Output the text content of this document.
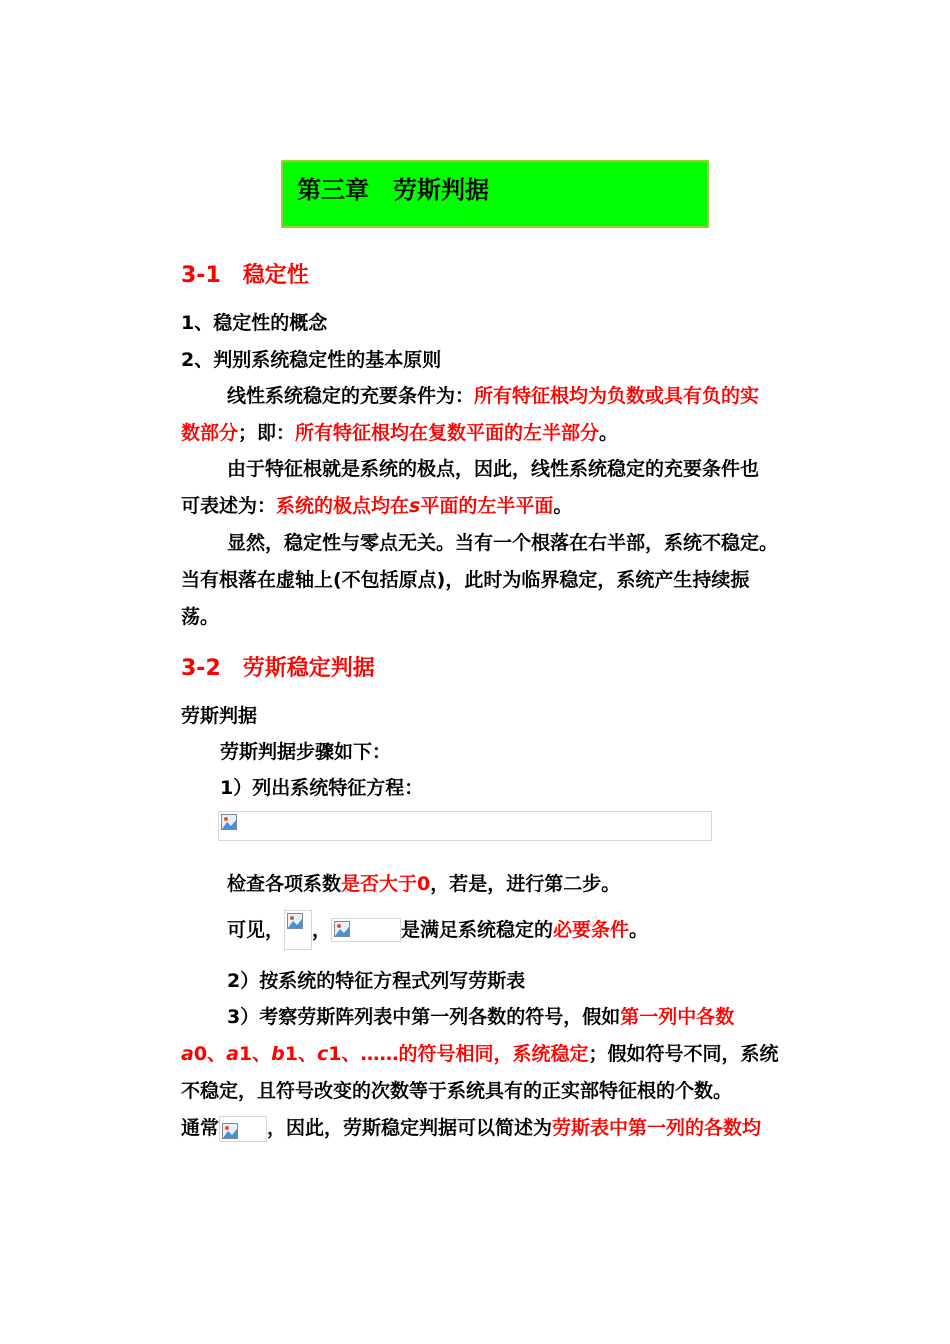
第三章　劳斯判据
3-1　稳定性
1、稳定性的概念
2、判别系统稳定性的基本原则
线性系统稳定的充要条件为：所有特征根均为负数或具有负的实
数部分；即：所有特征根均在复数平面的左半部分。
由于特征根就是系统的极点，因此，线性系统稳定的充要条件也
可表述为：系统的极点均在s平面的左半平面。
显然，稳定性与零点无关。当有一个根落在右半部，系统不稳定。
当有根落在虚轴上(不包括原点)，此时为临界稳定，系统产生持续振
荡。
3-2　劳斯稳定判据
劳斯判据
劳斯判据步骤如下：
1）列出系统特征方程：
检查各项系数是否大于0，若是，进行第二步。
可见， ，	是满足系统稳定的必要条件。
2）按系统的特征方程式列写劳斯表
3）考察劳斯阵列表中第一列各数的符号，假如第一列中各数
a0、a1、b1、c1、……的符号相同，系统稳定；假如符号不同，系统
不稳定，且符号改变的次数等于系统具有的正实部特征根的个数。
通常	，因此，劳斯稳定判据可以简述为劳斯表中第一列的各数均
